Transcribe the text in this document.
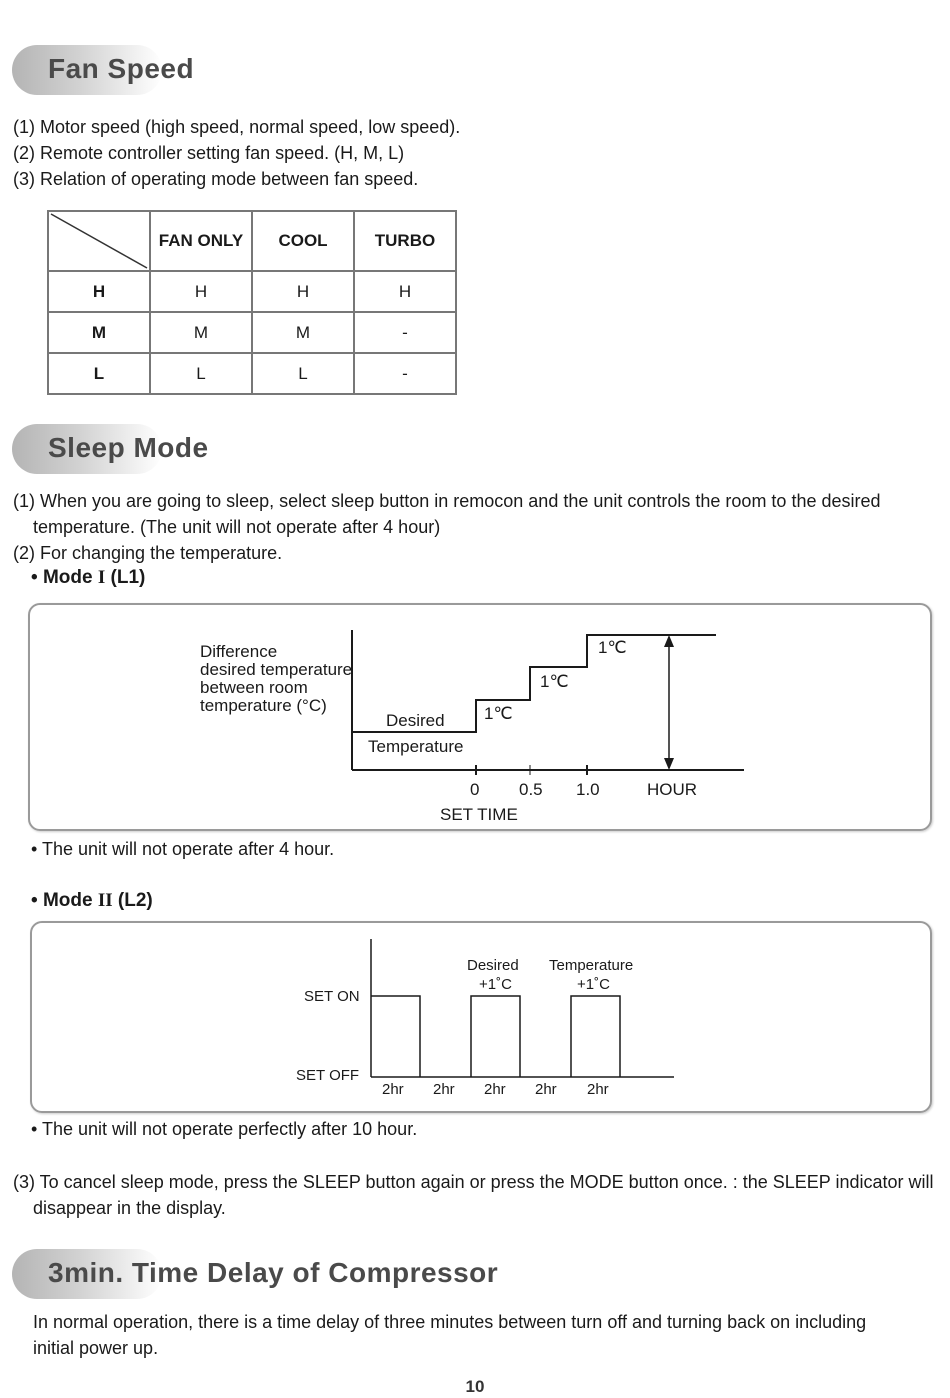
Fan Speed
(1) Motor speed (high speed, normal speed, low speed).
(2) Remote controller setting fan speed. (H, M, L)
(3) Relation of operating mode between fan speed.
	FAN ONLY	COOL	TURBO
H	H	H	H
M	M	M	-
L	L	L	-
Sleep Mode
(1) When you are going to sleep, select sleep button in remocon and the unit controls the room to the desired
temperature. (The unit will not operate after 4 hour)
(2) For changing the temperature.
• Mode I (L1)
Difference
desired temperature
between room
temperature (°C)
Desired
Temperature
1℃
1℃
1℃
0 0.5 1.0	HOUR
SET TIME
• The unit will not operate after 4 hour.
• Mode II (L2)
SET ON
SET OFF
Desired
+1˚C
Temperature
+1˚C
2hr 2hr 2hr 2hr 2hr
• The unit will not operate perfectly after 10 hour.
(3) To cancel sleep mode, press the SLEEP button again or press the MODE button once. : the SLEEP indicator will
disappear in the display.
3min. Time Delay of Compressor
In normal operation, there is a time delay of three minutes between turn off and turning back on including
initial power up.
10
